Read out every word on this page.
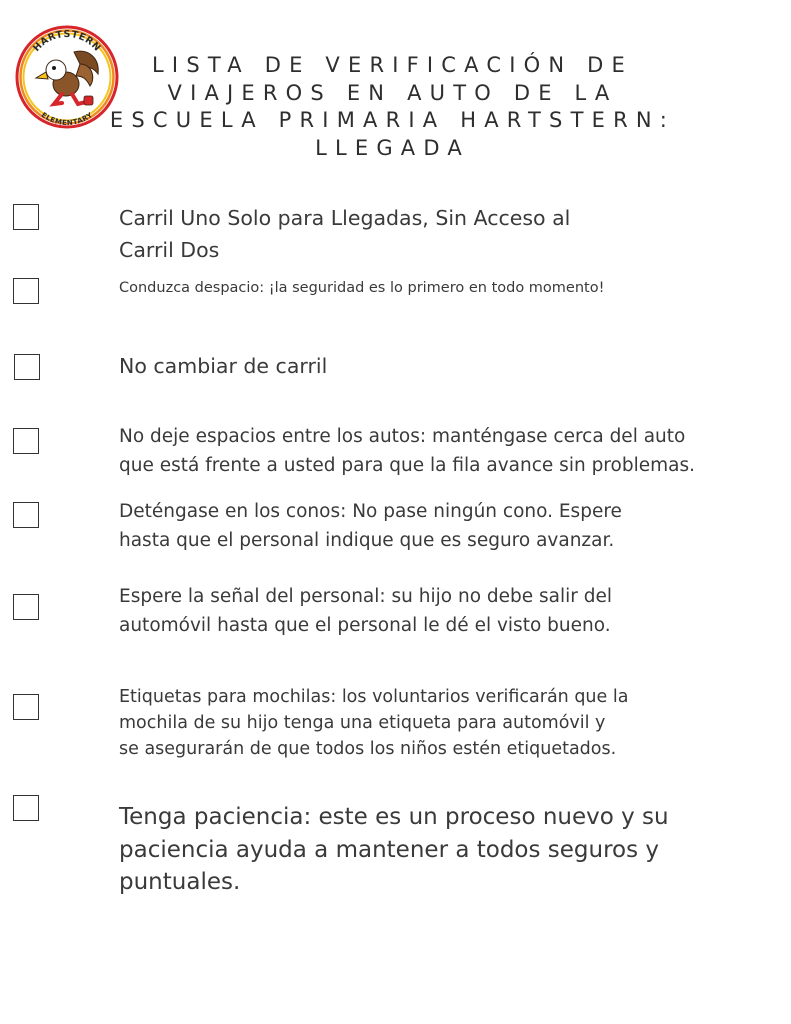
HARTSTERN
ELEMENTARY
LISTA DE VERIFICACIÓN DE
VIAJEROS EN AUTO DE LA
ESCUELA PRIMARIA HARTSTERN:
LLEGADA
Carril Uno Solo para Llegadas, Sin Acceso al
Carril Dos
Conduzca despacio: ¡la seguridad es lo primero en todo momento!
No cambiar de carril
No deje espacios entre los autos: manténgase cerca del auto
que está frente a usted para que la fila avance sin problemas.
Deténgase en los conos: No pase ningún cono. Espere
hasta que el personal indique que es seguro avanzar.
Espere la señal del personal: su hijo no debe salir del
automóvil hasta que el personal le dé el visto bueno.
Etiquetas para mochilas: los voluntarios verificarán que la
mochila de su hijo tenga una etiqueta para automóvil y
se asegurarán de que todos los niños estén etiquetados.
Tenga paciencia: este es un proceso nuevo y su
paciencia ayuda a mantener a todos seguros y
puntuales.
